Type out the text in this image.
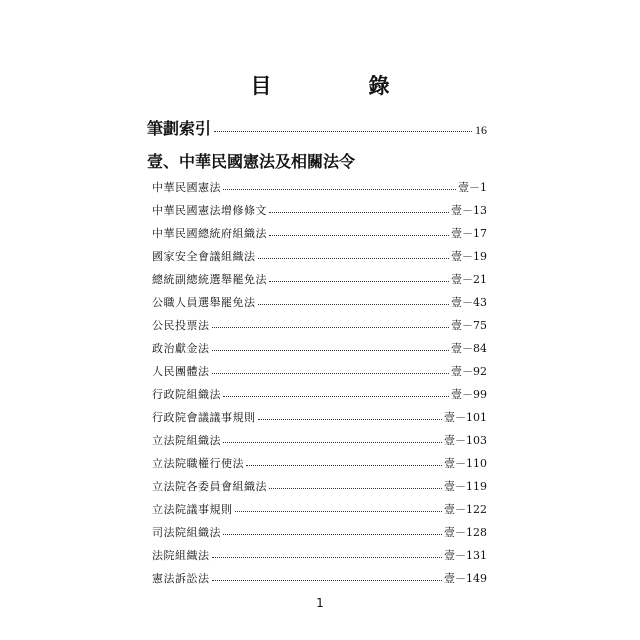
目　錄
筆劃索引	16
壹、中華民國憲法及相關法令
中華民國憲法	壹－1
中華民國憲法增修條文	壹－13
中華民國總統府組織法	壹－17
國家安全會議組織法	壹－19
總統副總統選舉罷免法	壹－21
公職人員選舉罷免法	壹－43
公民投票法	壹－75
政治獻金法	壹－84
人民團體法	壹－92
行政院組織法	壹－99
行政院會議議事規則	壹－101
立法院組織法	壹－103
立法院職權行使法	壹－110
立法院各委員會組織法	壹－119
立法院議事規則	壹－122
司法院組織法	壹－128
法院組織法	壹－131
憲法訴訟法	壹－149
1
